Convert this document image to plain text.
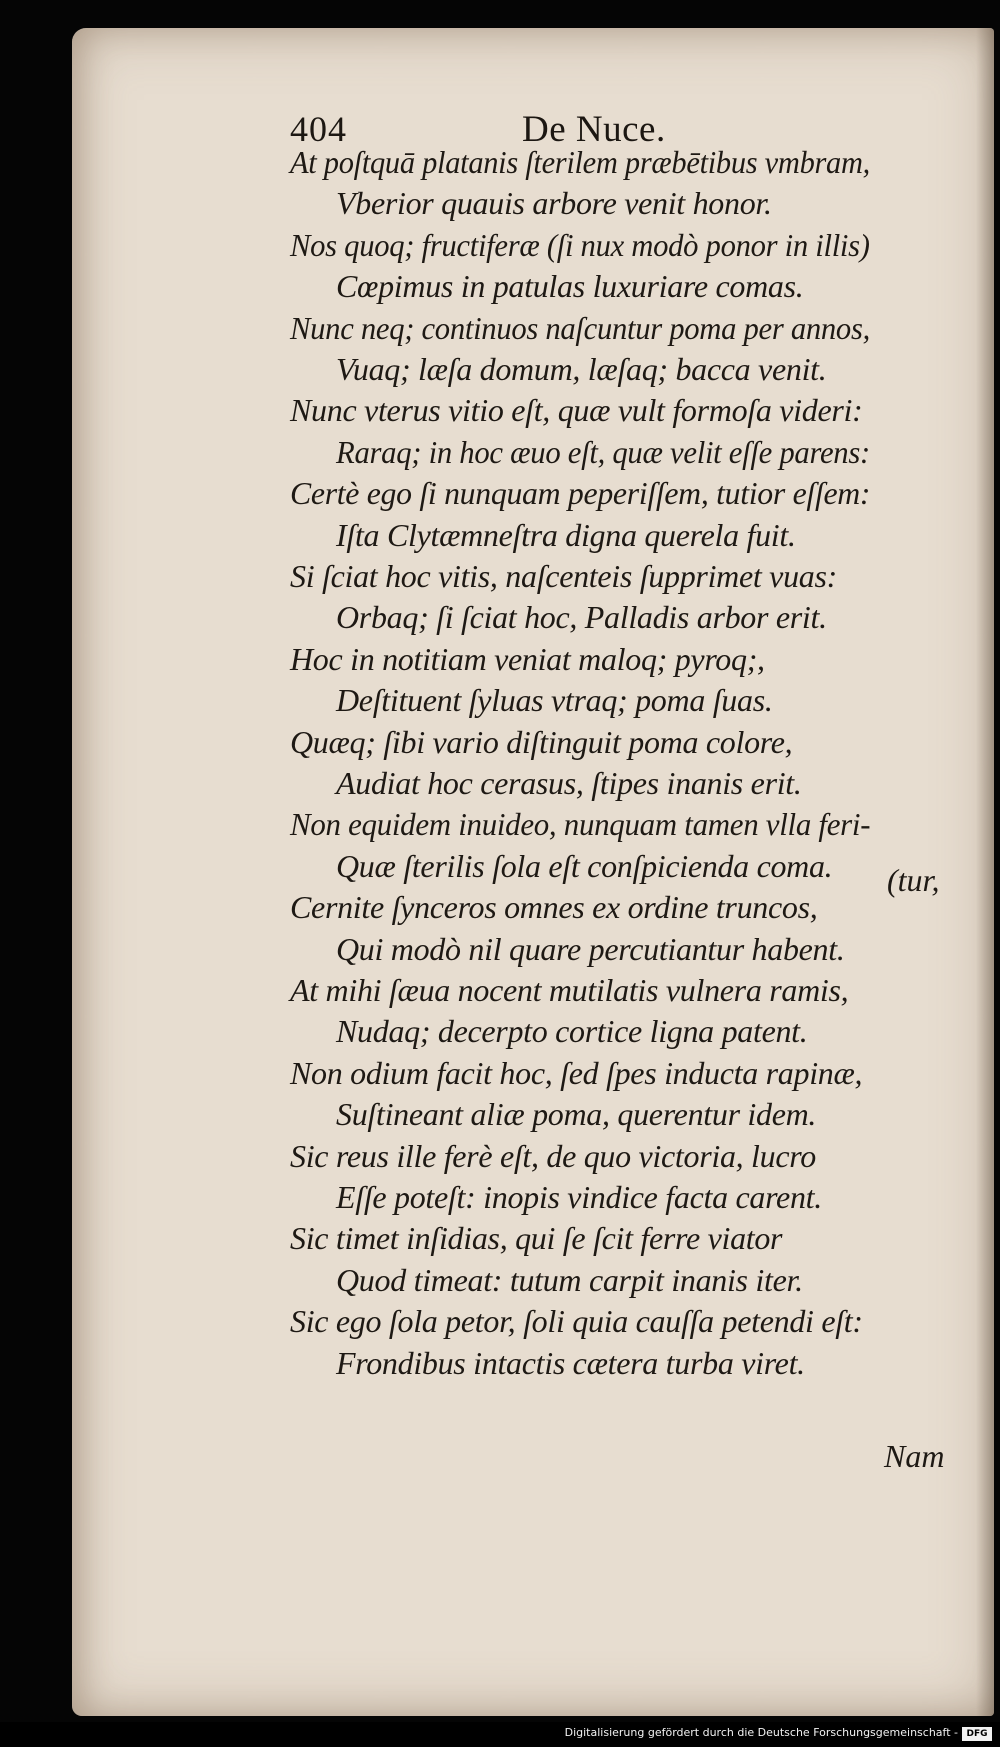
404	De Nuce.
At poſtquā platanis ſterilem præbētibus vmbram,
Vberior quauis arbore venit honor.
Nos quoq; fructiferæ (ſi nux modò ponor in illis)
Cœpimus in patulas luxuriare comas.
Nunc neq; continuos naſcuntur poma per annos,
Vuaq; læſa domum, læſaq; bacca venit.
Nunc vterus vitio eſt, quæ vult formoſa videri:
Raraq; in hoc æuo eſt, quæ velit eſſe parens:
Certè ego ſi nunquam peperiſſem, tutior eſſem:
Iſta Clytæmneſtra digna querela fuit.
Si ſciat hoc vitis, naſcenteis ſupprimet vuas:
Orbaq; ſi ſciat hoc, Palladis arbor erit.
Hoc in notitiam veniat maloq; pyroq;,
Deſtituent ſyluas vtraq; poma ſuas.
Quæq; ſibi vario diſtinguit poma colore,
Audiat hoc cerasus, ſtipes inanis erit.
Non equidem inuideo, nunquam tamen vlla feri-
Quæ ſterilis ſola eſt conſpicienda coma.
Cernite ſynceros omnes ex ordine truncos,
Qui modò nil quare percutiantur habent.
At mihi ſæua nocent mutilatis vulnera ramis,
Nudaq; decerpto cortice ligna patent.
Non odium facit hoc, ſed ſpes inducta rapinæ,
Suſtineant aliæ poma, querentur idem.
Sic reus ille ferè eſt, de quo victoria, lucro
Eſſe poteſt: inopis vindice facta carent.
Sic timet inſidias, qui ſe ſcit ferre viator
Quod timeat: tutum carpit inanis iter.
Sic ego ſola petor, ſoli quia cauſſa petendi eſt:
Frondibus intactis cætera turba viret.
(tur,
Nam
Digitalisierung gefördert durch die Deutsche Forschungsgemeinschaft - DFG
